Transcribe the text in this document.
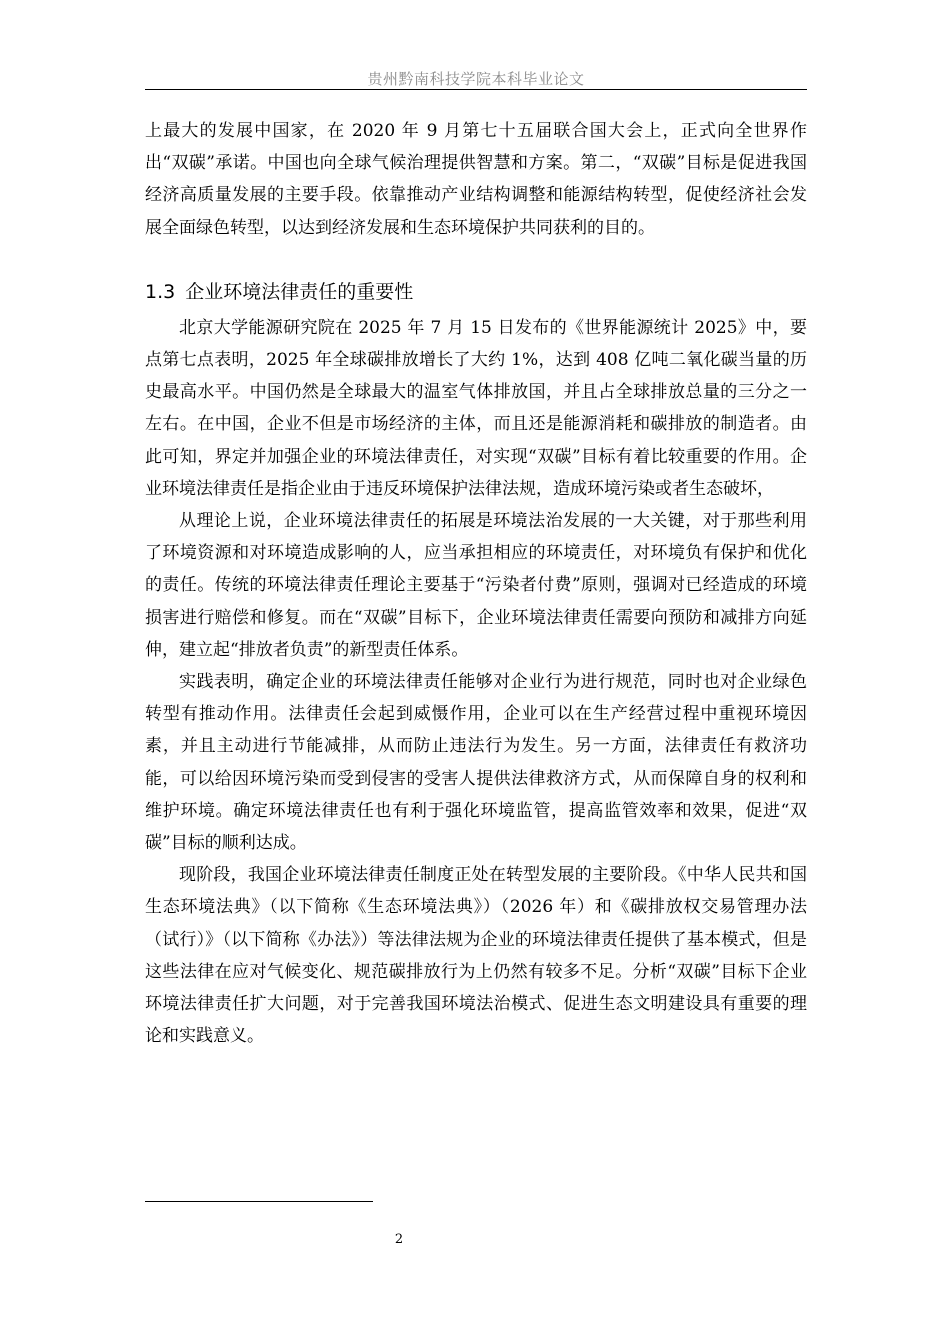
贵州黔南科技学院本科毕业论文

上最大的发展中国家，在 2020 年 9 月第七十五届联合国大会上，正式向全世界作出“双碳”承诺。中国也向全球气候治理提供智慧和方案。第二，“双碳”目标是促进我国经济高质量发展的主要手段。依靠推动产业结构调整和能源结构转型，促使经济社会发展全面绿色转型，以达到经济发展和生态环境保护共同获利的目的。

1.3 企业环境法律责任的重要性

北京大学能源研究院在 2025 年 7 月 15 日发布的《世界能源统计 2025》中，要点第七点表明，2025 年全球碳排放增长了大约 1%，达到 408 亿吨二氧化碳当量的历史最高水平。中国仍然是全球最大的温室气体排放国，并且占全球排放总量的三分之一左右。在中国，企业不但是市场经济的主体，而且还是能源消耗和碳排放的制造者。由此可知，界定并加强企业的环境法律责任，对实现“双碳”目标有着比较重要的作用。企业环境法律责任是指企业由于违反环境保护法律法规，造成环境污染或者生态破坏，

从理论上说，企业环境法律责任的拓展是环境法治发展的一大关键，对于那些利用了环境资源和对环境造成影响的人，应当承担相应的环境责任，对环境负有保护和优化的责任。传统的环境法律责任理论主要基于“污染者付费”原则，强调对已经造成的环境损害进行赔偿和修复。而在“双碳”目标下，企业环境法律责任需要向预防和减排方向延伸，建立起“排放者负责”的新型责任体系。

实践表明，确定企业的环境法律责任能够对企业行为进行规范，同时也对企业绿色转型有推动作用。法律责任会起到威慑作用，企业可以在生产经营过程中重视环境因素，并且主动进行节能减排，从而防止违法行为发生。另一方面，法律责任有救济功能，可以给因环境污染而受到侵害的受害人提供法律救济方式，从而保障自身的权利和维护环境。确定环境法律责任也有利于强化环境监管，提高监管效率和效果，促进“双碳”目标的顺利达成。

现阶段，我国企业环境法律责任制度正处在转型发展的主要阶段。《中华人民共和国生态环境法典》（以下简称《生态环境法典》）（2026 年）和《碳排放权交易管理办法（试行）》（以下简称《办法》）等法律法规为企业的环境法律责任提供了基本模式，但是这些法律在应对气候变化、规范碳排放行为上仍然有较多不足。分析“双碳”目标下企业环境法律责任扩大问题，对于完善我国环境法治模式、促进生态文明建设具有重要的理论和实践意义。

2
